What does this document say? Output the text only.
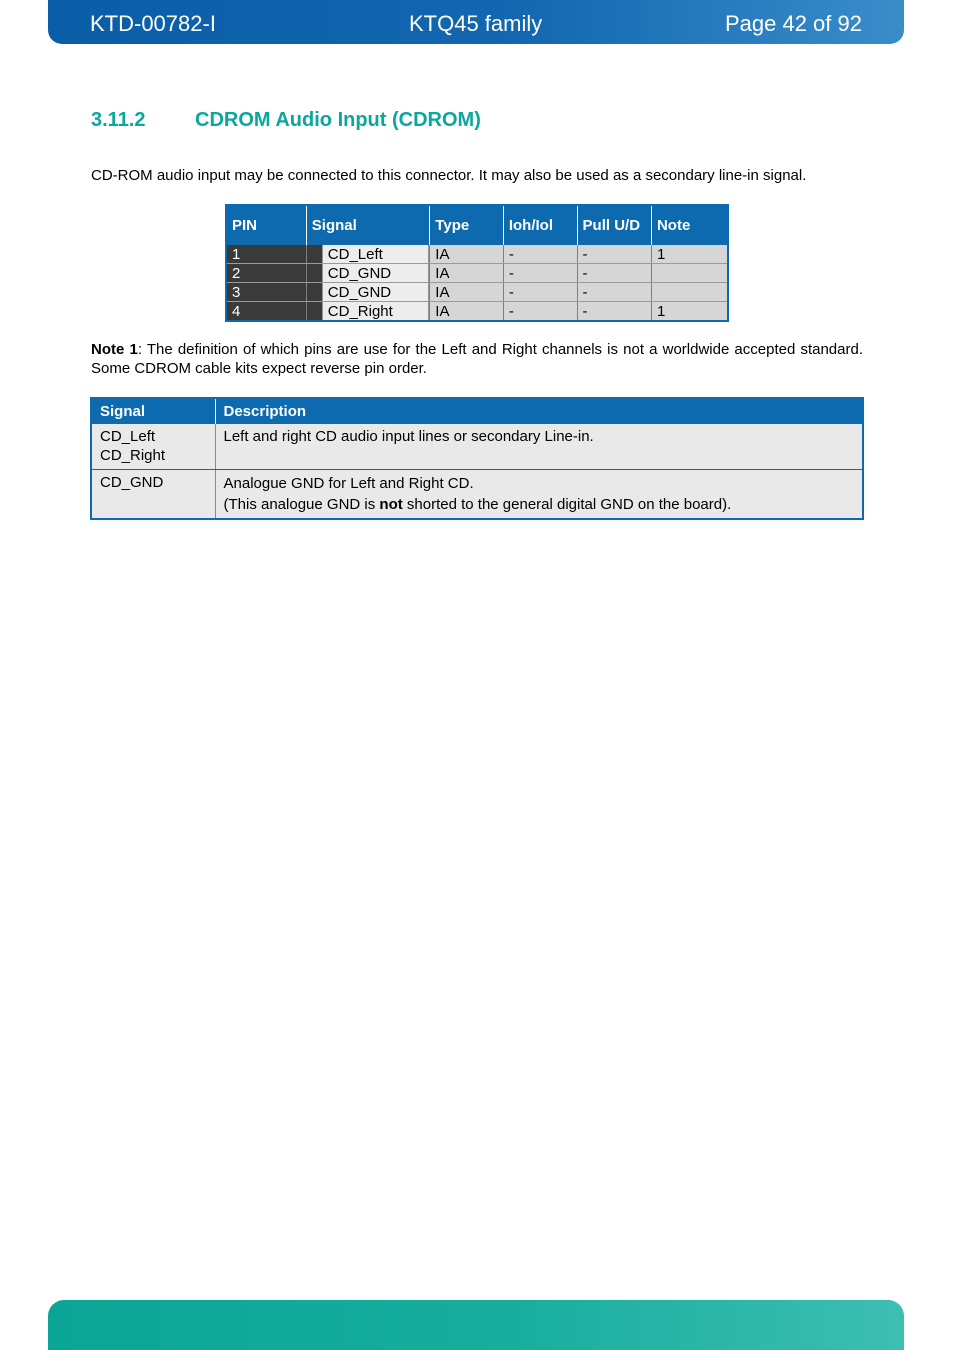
KTD-00782-I	KTQ45 family	Page 42 of 92
3.11.2 CDROM Audio Input (CDROM)

CD-ROM audio input may be connected to this connector. It may also be used as a secondary line-in signal.

PIN	Signal	Type	Ioh/Iol	Pull U/D	Note
1	CD_Left	IA	-	-	1
2	CD_GND	IA	-	-	
3	CD_GND	IA	-	-	
4	CD_Right	IA	-	-	1

Note 1: The definition of which pins are use for the Left and Right channels is not a worldwide accepted standard. Some CDROM cable kits expect reverse pin order.

Signal	Description

CD_Left
CD_Right	Left and right CD audio input lines or secondary Line-in.

CD_GND	Analogue GND for Left and Right CD.
(This analogue GND is not shorted to the general digital GND on the board).
